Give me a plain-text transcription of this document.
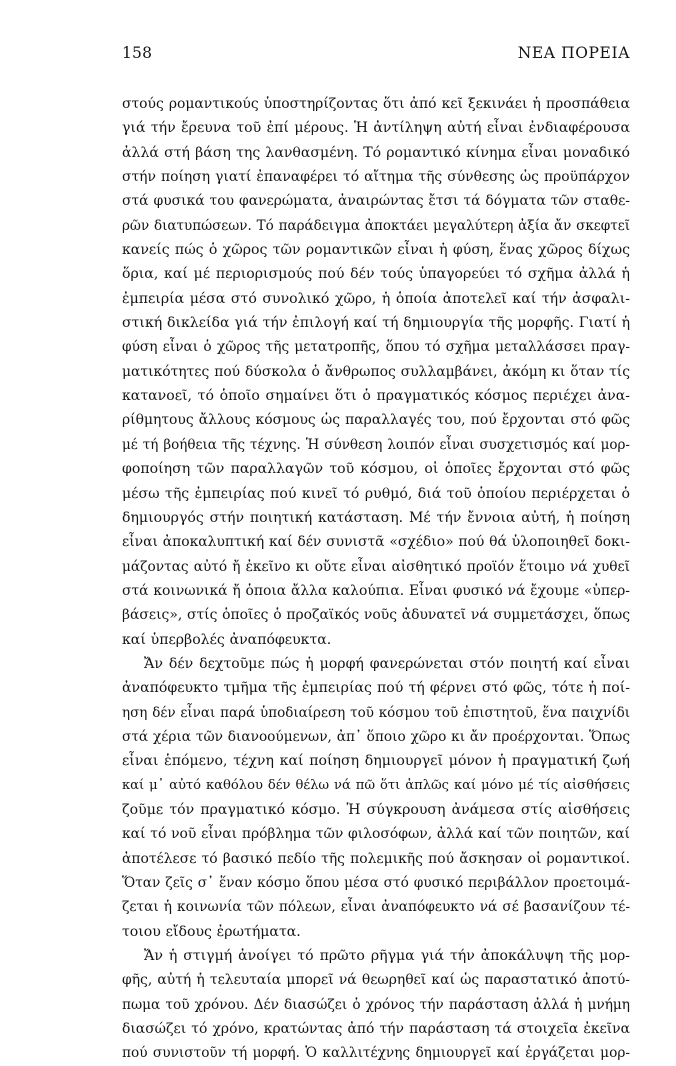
158	ΝΕΑ ΠΟΡΕΙΑ
στούς ρομαντικούς ὑποστηρίζοντας ὅτι ἀπό κεῖ ξεκινάει ἡ προσπάθεια
γιά τήν ἔρευνα τοῦ ἐπί μέρους. Ἡ ἀντίληψη αὐτή εἶναι ἐνδιαφέρουσα
ἀλλά στή βάση της λανθασμένη. Τό ρομαντικό κίνημα εἶναι μοναδικό
στήν ποίηση γιατί ἐπαναφέρει τό αἴτημα τῆς σύνθεσης ὡς προϋπάρχον
στά φυσικά του φανερώματα, ἀναιρώντας ἔτσι τά δόγματα τῶν σταθε-
ρῶν διατυπώσεων. Τό παράδειγμα ἀποκτάει μεγαλύτερη ἀξία ἄν σκεφτεῖ
κανείς πώς ὁ χῶρος τῶν ρομαντικῶν εἶναι ἡ φύση, ἕνας χῶρος δίχως
ὅρια, καί μέ περιορισμούς πού δέν τούς ὑπαγορεύει τό σχῆμα ἀλλά ἡ
ἐμπειρία μέσα στό συνολικό χῶρο, ἡ ὁποία ἀποτελεῖ καί τήν ἀσφαλι-
στική δικλείδα γιά τήν ἐπιλογή καί τή δημιουργία τῆς μορφῆς. Γιατί ἡ
φύση εἶναι ὁ χῶρος τῆς μετατροπῆς, ὅπου τό σχῆμα μεταλλάσσει πραγ-
ματικότητες πού δύσκολα ὁ ἄνθρωπος συλλαμβάνει, ἀκόμη κι ὅταν τίς
κατανοεῖ, τό ὁποῖο σημαίνει ὅτι ὁ πραγματικός κόσμος περιέχει ἀνα-
ρίθμητους ἄλλους κόσμους ὡς παραλλαγές του, πού ἔρχονται στό φῶς
μέ τή βοήθεια τῆς τέχνης. Ἡ σύνθεση λοιπόν εἶναι συσχετισμός καί μορ-
φοποίηση τῶν παραλλαγῶν τοῦ κόσμου, οἱ ὁποῖες ἔρχονται στό φῶς
μέσω τῆς ἐμπειρίας πού κινεῖ τό ρυθμό, διά τοῦ ὁποίου περιέρχεται ὁ
δημιουργός στήν ποιητική κατάσταση. Μέ τήν ἔννοια αὐτή, ἡ ποίηση
εἶναι ἀποκαλυπτική καί δέν συνιστᾶ «σχέδιο» πού θά ὑλοποιηθεῖ δοκι-
μάζοντας αὐτό ἤ ἐκεῖνο κι οὔτε εἶναι αἰσθητικό προϊόν ἕτοιμο νά χυθεῖ
στά κοινωνικά ἤ ὁποια ἄλλα καλούπια. Εἶναι φυσικό νά ἔχουμε «ὑπερ-
βάσεις», στίς ὁποῖες ὁ προζαϊκός νοῦς ἀδυνατεῖ νά συμμετάσχει, ὅπως
καί ὑπερβολές ἀναπόφευκτα.
Ἄν δέν δεχτοῦμε πώς ἡ μορφή φανερώνεται στόν ποιητή καί εἶναι
ἀναπόφευκτο τμῆμα τῆς ἐμπειρίας πού τή φέρνει στό φῶς, τότε ἡ ποί-
ηση δέν εἶναι παρά ὑποδιαίρεση τοῦ κόσμου τοῦ ἐπιστητοῦ, ἕνα παιχνίδι
στά χέρια τῶν διανοούμενων, ἀπ᾽ ὅποιο χῶρο κι ἄν προέρχονται. Ὅπως
εἶναι ἑπόμενο, τέχνη καί ποίηση δημιουργεῖ μόνον ἡ πραγματική ζωή
καί μ᾽ αὐτό καθόλου δέν θέλω νά πῶ ὅτι ἁπλῶς καί μόνο μέ τίς αἰσθήσεις
ζοῦμε τόν πραγματικό κόσμο. Ἡ σύγκρουση ἀνάμεσα στίς αἰσθήσεις
καί τό νοῦ εἶναι πρόβλημα τῶν φιλοσόφων, ἀλλά καί τῶν ποιητῶν, καί
ἀποτέλεσε τό βασικό πεδίο τῆς πολεμικῆς πού ἄσκησαν οἱ ρομαντικοί.
Ὅταν ζεῖς σ᾽ ἕναν κόσμο ὅπου μέσα στό φυσικό περιβάλλον προετοιμά-
ζεται ἡ κοινωνία τῶν πόλεων, εἶναι ἀναπόφευκτο νά σέ βασανίζουν τέ-
τοιου εἴδους ἐρωτήματα.
Ἄν ἡ στιγμή ἀνοίγει τό πρῶτο ρῆγμα γιά τήν ἀποκάλυψη τῆς μορ-
φῆς, αὐτή ἡ τελευταία μπορεῖ νά θεωρηθεῖ καί ὡς παραστατικό ἀποτύ-
πωμα τοῦ χρόνου. Δέν διασώζει ὁ χρόνος τήν παράσταση ἀλλά ἡ μνήμη
διασώζει τό χρόνο, κρατώντας ἀπό τήν παράσταση τά στοιχεῖα ἐκεῖνα
πού συνιστοῦν τή μορφή. Ὁ καλλιτέχνης δημιουργεῖ καί ἐργάζεται μορ-
